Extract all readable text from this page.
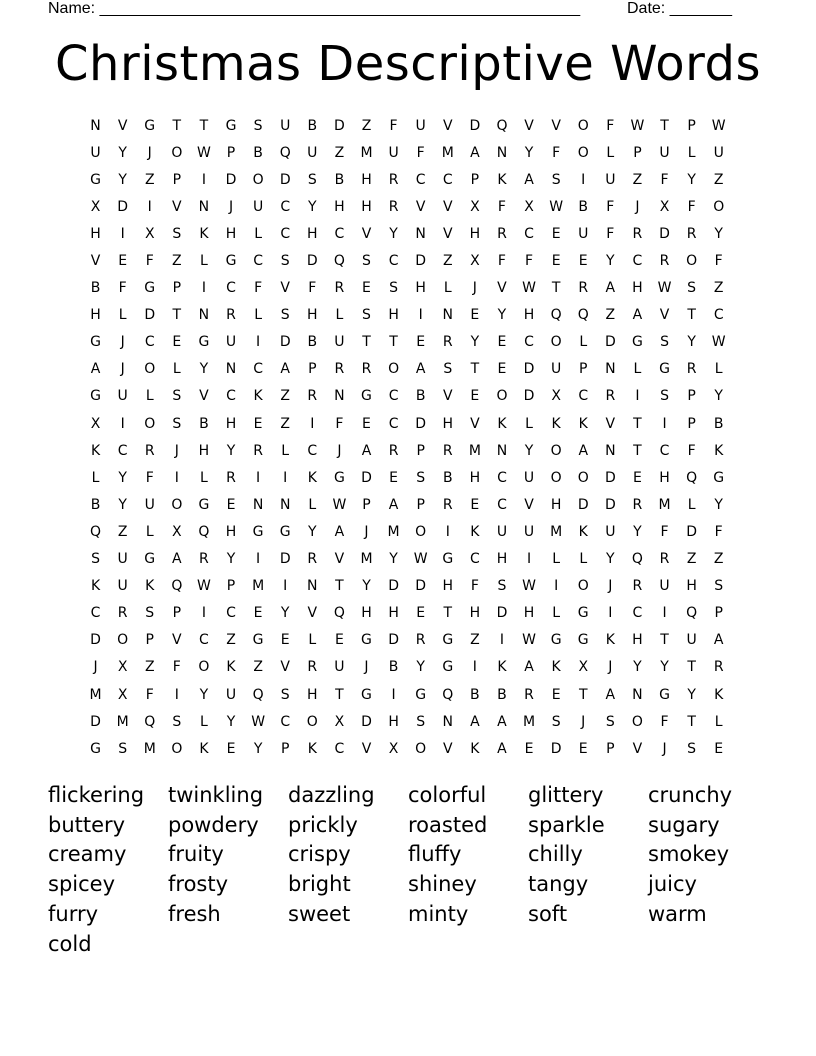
Name: ______________________________________________________	Date: _______
Christmas Descriptive Words
N	V	G	T	T	G	S	U	B	D	Z	F	U	V	D	Q	V	V	O	F	W	T	P	W
U	Y	J	O	W	P	B	Q	U	Z	M	U	F	M	A	N	Y	F	O	L	P	U	L	U
G	Y	Z	P	I	D	O	D	S	B	H	R	C	C	P	K	A	S	I	U	Z	F	Y	Z
X	D	I	V	N	J	U	C	Y	H	H	R	V	V	X	F	X	W	B	F	J	X	F	O
H	I	X	S	K	H	L	C	H	C	V	Y	N	V	H	R	C	E	U	F	R	D	R	Y
V	E	F	Z	L	G	C	S	D	Q	S	C	D	Z	X	F	F	E	E	Y	C	R	O	F
B	F	G	P	I	C	F	V	F	R	E	S	H	L	J	V	W	T	R	A	H	W	S	Z
H	L	D	T	N	R	L	S	H	L	S	H	I	N	E	Y	H	Q	Q	Z	A	V	T	C
G	J	C	E	G	U	I	D	B	U	T	T	E	R	Y	E	C	O	L	D	G	S	Y	W
A	J	O	L	Y	N	C	A	P	R	R	O	A	S	T	E	D	U	P	N	L	G	R	L
G	U	L	S	V	C	K	Z	R	N	G	C	B	V	E	O	D	X	C	R	I	S	P	Y
X	I	O	S	B	H	E	Z	I	F	E	C	D	H	V	K	L	K	K	V	T	I	P	B
K	C	R	J	H	Y	R	L	C	J	A	R	P	R	M	N	Y	O	A	N	T	C	F	K
L	Y	F	I	L	R	I	I	K	G	D	E	S	B	H	C	U	O	O	D	E	H	Q	G
B	Y	U	O	G	E	N	N	L	W	P	A	P	R	E	C	V	H	D	D	R	M	L	Y
Q	Z	L	X	Q	H	G	G	Y	A	J	M	O	I	K	U	U	M	K	U	Y	F	D	F
S	U	G	A	R	Y	I	D	R	V	M	Y	W	G	C	H	I	L	L	Y	Q	R	Z	Z
K	U	K	Q	W	P	M	I	N	T	Y	D	D	H	F	S	W	I	O	J	R	U	H	S
C	R	S	P	I	C	E	Y	V	Q	H	H	E	T	H	D	H	L	G	I	C	I	Q	P
D	O	P	V	C	Z	G	E	L	E	G	D	R	G	Z	I	W	G	G	K	H	T	U	A
J	X	Z	F	O	K	Z	V	R	U	J	B	Y	G	I	K	A	K	X	J	Y	Y	T	R
M	X	F	I	Y	U	Q	S	H	T	G	I	G	Q	B	B	R	E	T	A	N	G	Y	K
D	M	Q	S	L	Y	W	C	O	X	D	H	S	N	A	A	M	S	J	S	O	F	T	L
G	S	M	O	K	E	Y	P	K	C	V	X	O	V	K	A	E	D	E	P	V	J	S	E
flickering	twinkling	dazzling	colorful	glittery	crunchy
buttery	powdery	prickly	roasted	sparkle	sugary
creamy	fruity	crispy	fluffy	chilly	smokey
spicey	frosty	bright	shiney	tangy	juicy
furry	fresh	sweet	minty	soft	warm
cold
